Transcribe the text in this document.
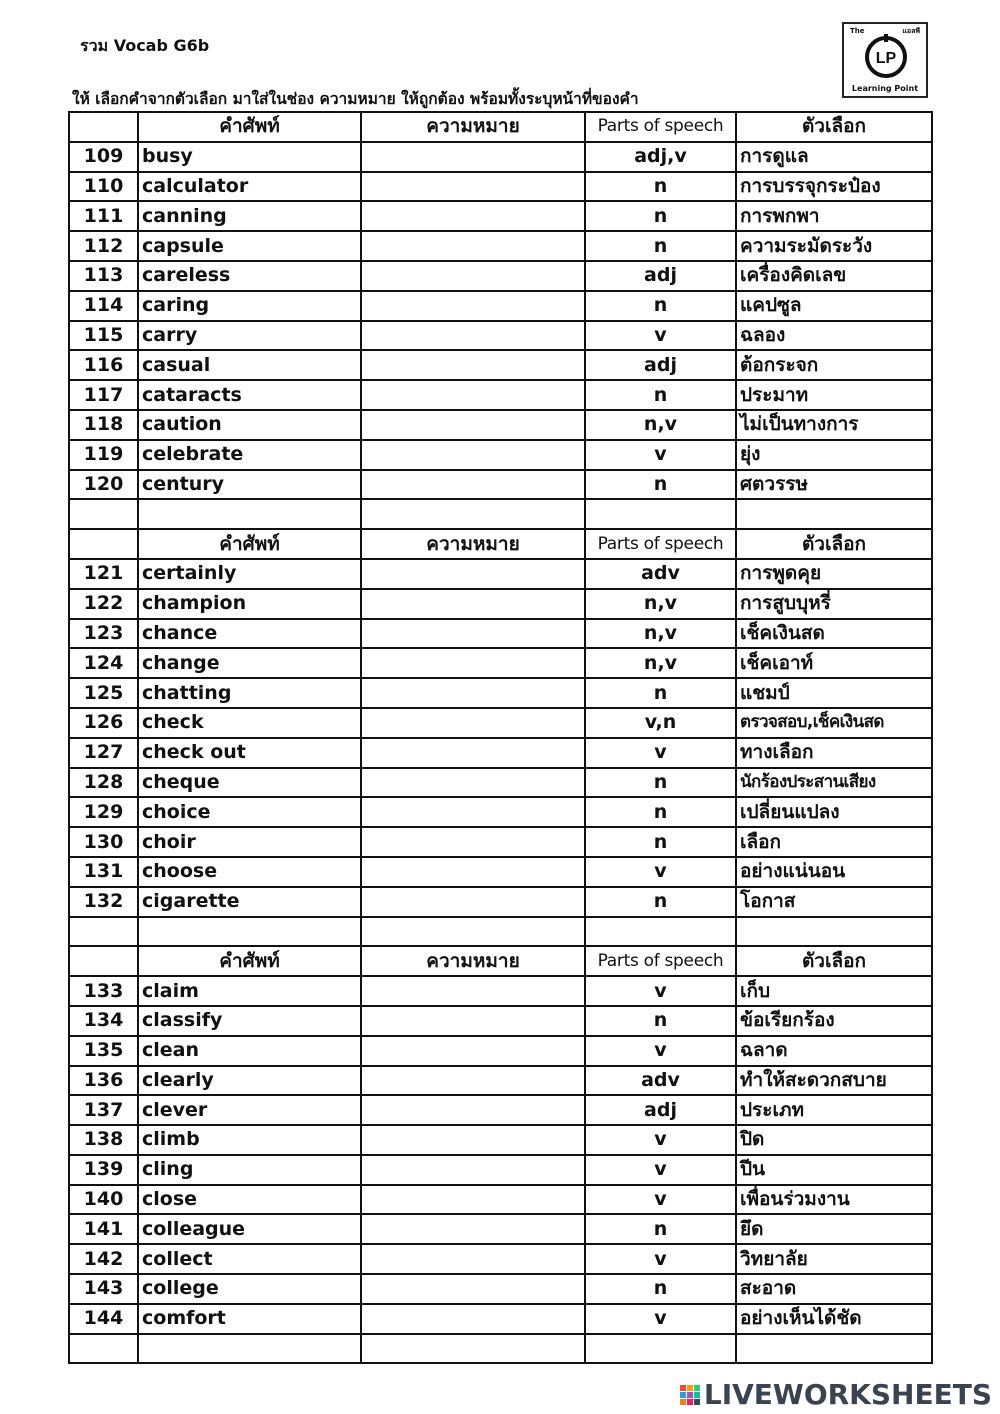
รวม Vocab G6b
ให้ เลือกคำจากตัวเลือก มาใส่ในช่อง ความหมาย ให้ถูกต้อง พร้อมทั้งระบุหน้าที่ของคำ
The	แอลพี
LP
Learning Point
	คำศัพท์	ความหมาย	Parts of speech	ตัวเลือก
109	busy		adj,v	การดูแล
110	calculator		n	การบรรจุกระป๋อง
111	canning		n	การพกพา
112	capsule		n	ความระมัดระวัง
113	careless		adj	เครื่องคิดเลข
114	caring		n	แคปซูล
115	carry		v	ฉลอง
116	casual		adj	ต้อกระจก
117	cataracts		n	ประมาท
118	caution		n,v	ไม่เป็นทางการ
119	celebrate		v	ยุ่ง
120	century		n	ศตวรรษ

	คำศัพท์	ความหมาย	Parts of speech	ตัวเลือก
121	certainly		adv	การพูดคุย
122	champion		n,v	การสูบบุหรี่
123	chance		n,v	เช็คเงินสด
124	change		n,v	เช็คเอาท์
125	chatting		n	แชมป์
126	check		v,n	ตรวจสอบ,เช็คเงินสด
127	check out		v	ทางเลือก
128	cheque		n	นักร้องประสานเสียง
129	choice		n	เปลี่ยนแปลง
130	choir		n	เลือก
131	choose		v	อย่างแน่นอน
132	cigarette		n	โอกาส

	คำศัพท์	ความหมาย	Parts of speech	ตัวเลือก
133	claim		v	เก็บ
134	classify		n	ข้อเรียกร้อง
135	clean		v	ฉลาด
136	clearly		adv	ทำให้สะดวกสบาย
137	clever		adj	ประเภท
138	climb		v	ปิด
139	cling		v	ปีน
140	close		v	เพื่อนร่วมงาน
141	colleague		n	ยึด
142	collect		v	วิทยาลัย
143	college		n	สะอาด
144	comfort		v	อย่างเห็นได้ชัด

LIVEWORKSHEETS
